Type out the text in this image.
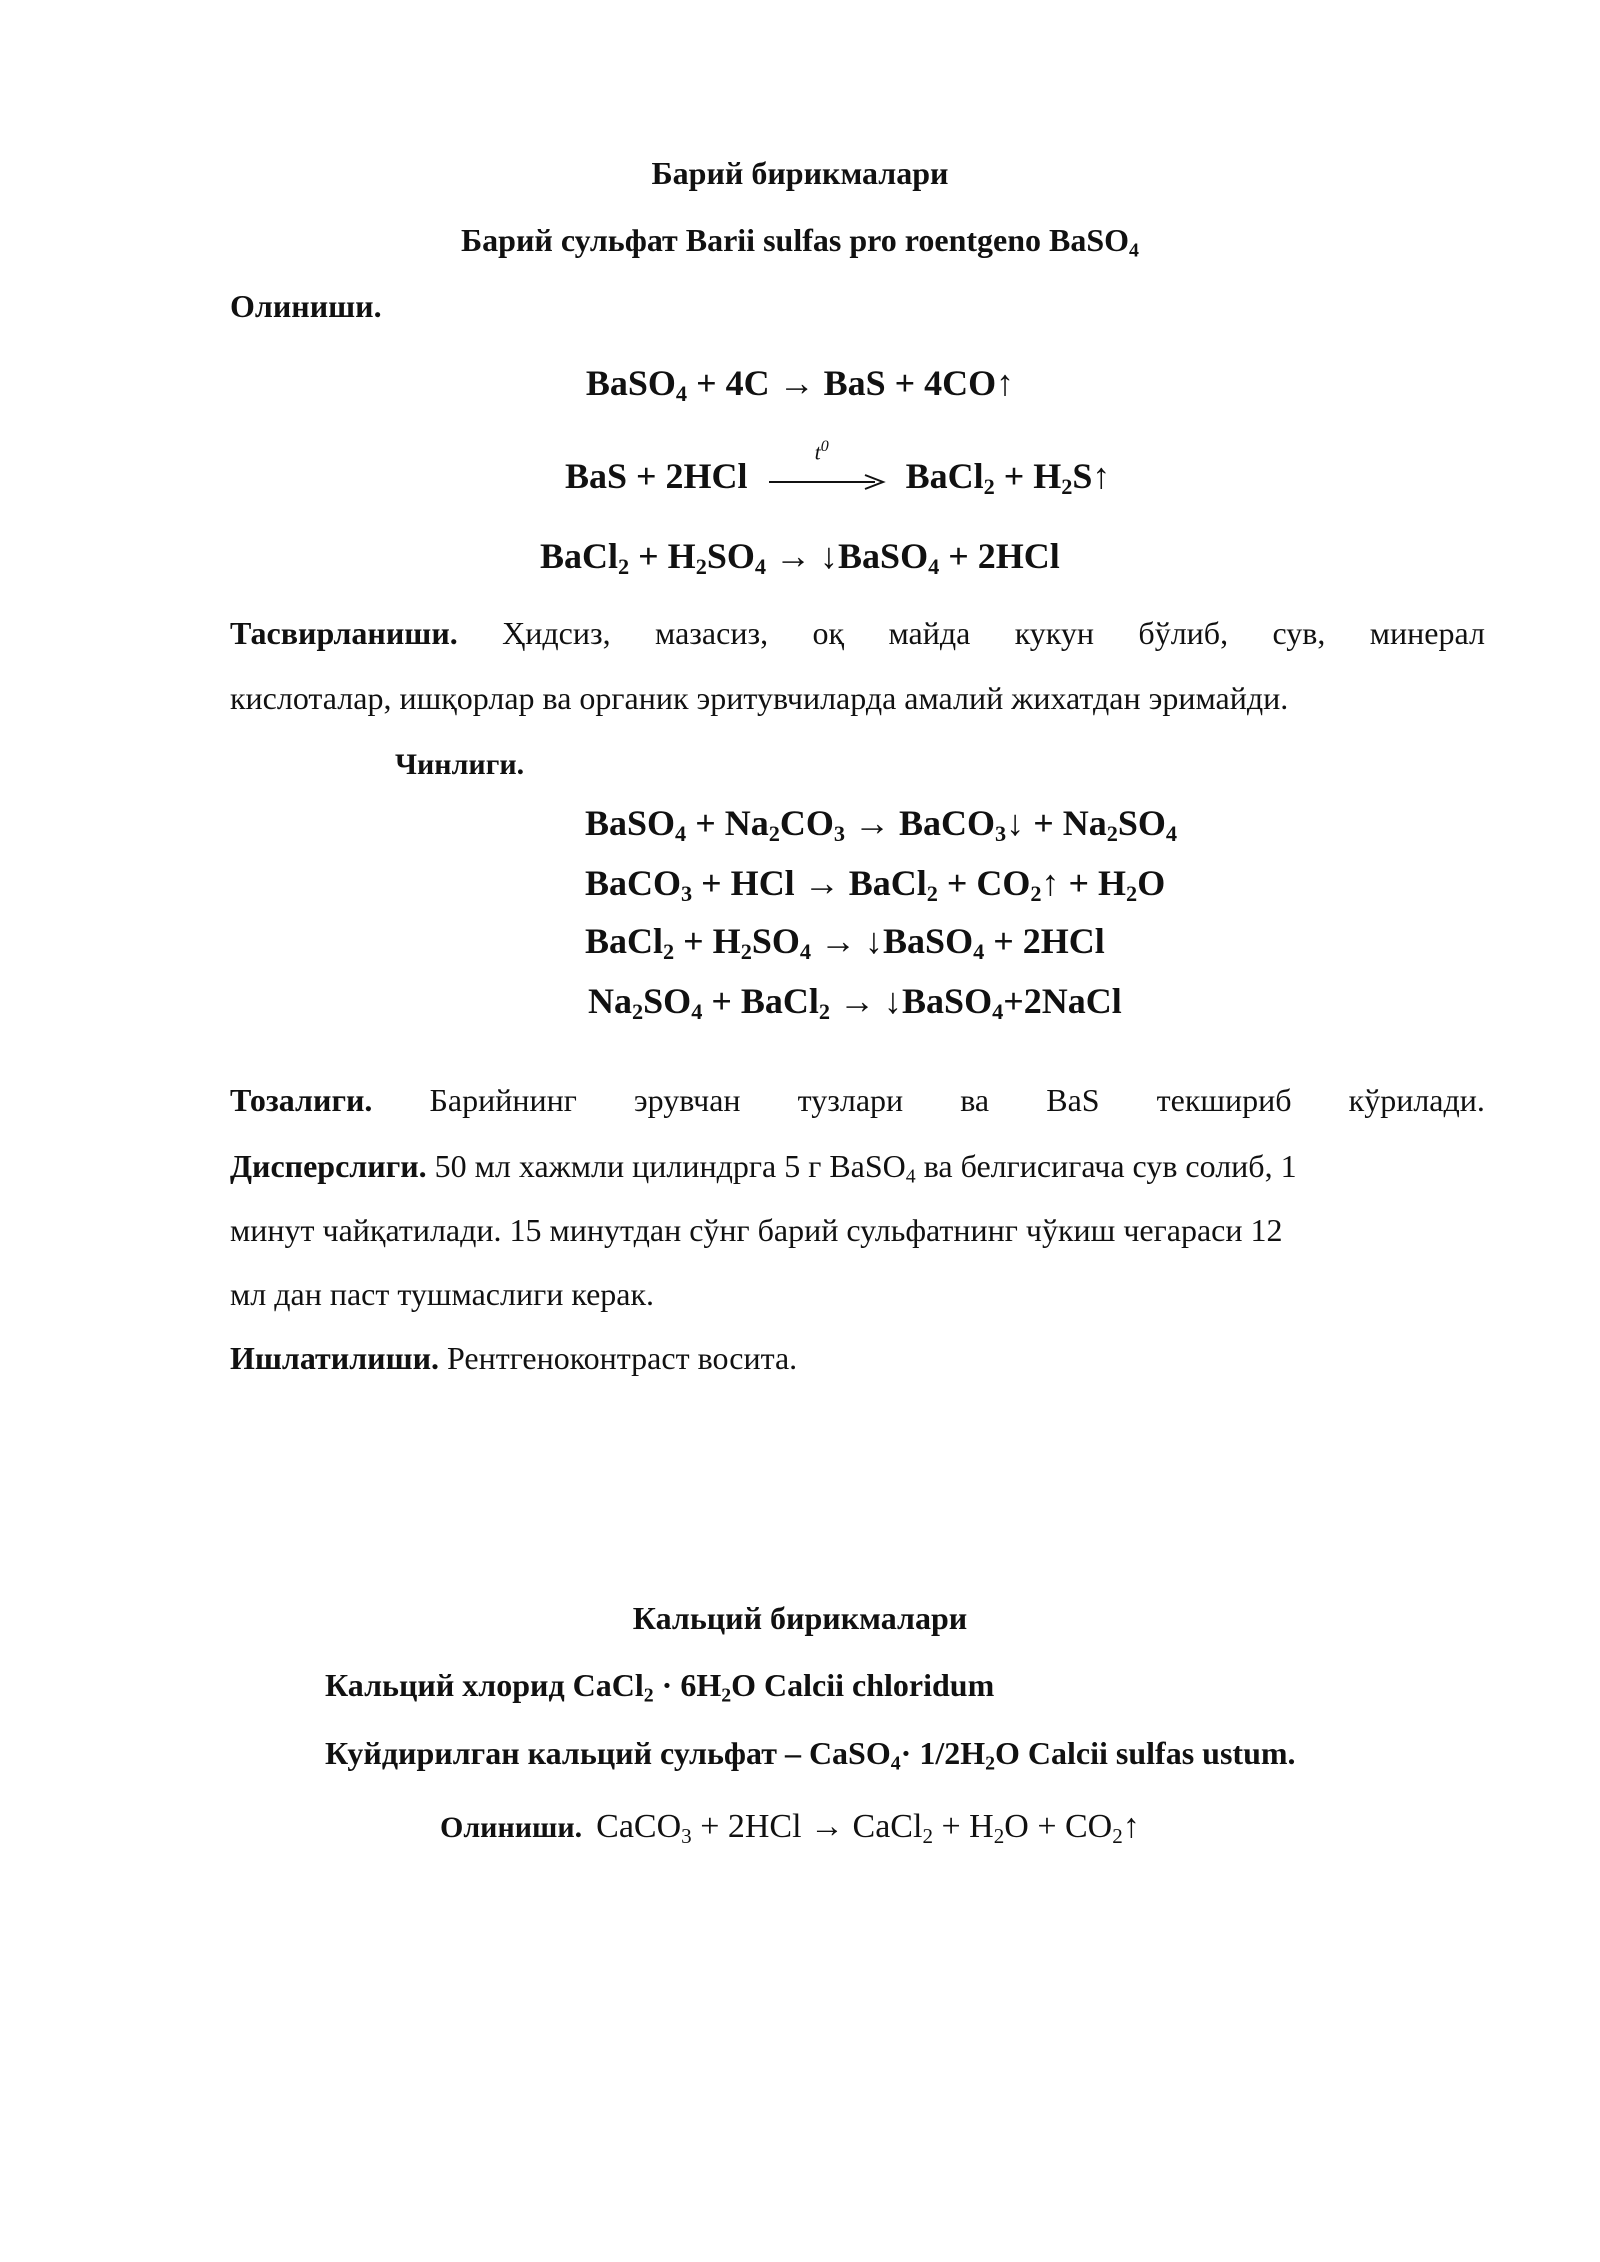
Барий бирикмалари
Барий сульфат Barii sulfas pro roentgeno BaSO$_4$
Олиниши.
BaSO$_4$ + 4C → BaS + 4CO↑
BaS + 2HCl
$t^0$
BaCl$_2$ + $H_2S↑$
BaCl$_2$ + $H_2SO_4$ → ↓BaSO$_4$ + 2HCl
Тасвирланиши. Ҳидсиз, мазасиз, оқ майда кукун бўлиб, сув, минерал
кислоталар, ишқорлар ва органик эритувчиларда амалий жихатдан эримайди.
Чинлиги.
BaSO$_4$ + $Na_2CO_3$ → BaCO$_3$↓ + $Na_2SO_4$
BaCO$_3$ + HCl → BaCl$_2$ + $CO_2↑ + H_2O$
BaCl$_2$ + $H_2SO_4$ → ↓BaSO$_4$ + 2HCl
$Na_2SO_4$ + BaCl$_2$ → ↓BaSO$_4$+2NaCl
Тозалиги. Барийнинг эрувчан тузлари ва BaS текшириб кўрилади.
Дисперслиги. 50 мл хажмли цилиндрга 5 г BaSO$_4$ ва белгисигача сув солиб, 1
минут чайқатилади. 15 минутдан сўнг барий сульфатнинг чўкиш чегараси 12
мл дан паст тушмаслиги керак.
Ишлатилиши. Рентгеноконтраст восита.
Кальций бирикмалари
Кальций хлорид CaCl$_2$ · $6H_2O$ Calcii chloridum
Куйдирилган кальций сульфат – CaSO$_4$· $1/2H_2O$ Calcii sulfas ustum.
Олиниши. CaCO$_3$ + 2HCl → CaCl$_2$ + $H_2O$ + $CO_2↑$
